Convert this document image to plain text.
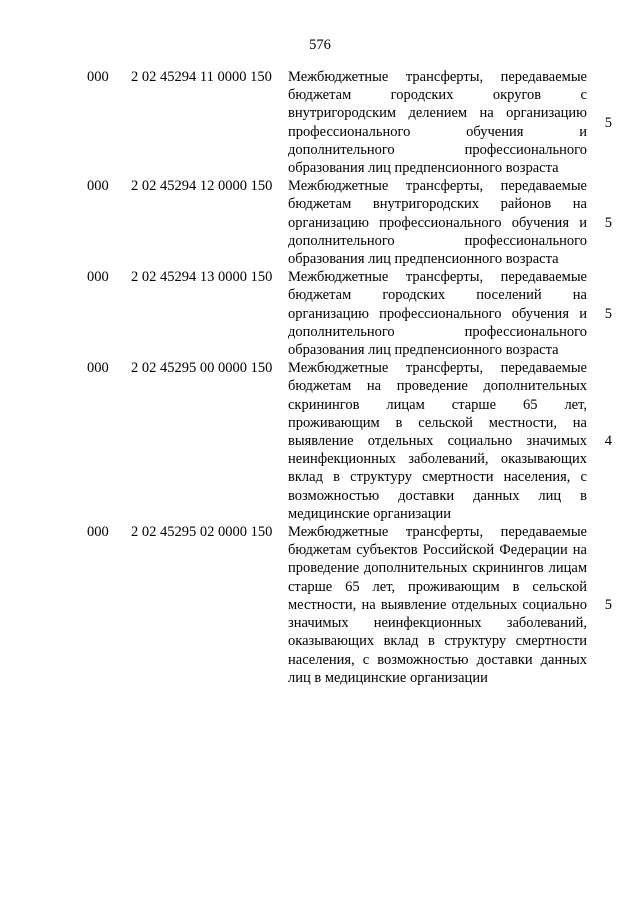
576
000 2 02 45294 11 0000 150 Межбюджетные трансферты, передаваемые бюджетам городских округов с внутригородским делением на организацию профессионального обучения и дополнительного профессионального образования лиц предпенсионного возраста
5
000 2 02 45294 12 0000 150 Межбюджетные трансферты, передаваемые бюджетам внутригородских районов на организацию профессионального обучения и дополнительного профессионального образования лиц предпенсионного возраста
5
000 2 02 45294 13 0000 150 Межбюджетные трансферты, передаваемые бюджетам городских поселений на организацию профессионального обучения и дополнительного профессионального образования лиц предпенсионного возраста
5
000 2 02 45295 00 0000 150 Межбюджетные трансферты, передаваемые бюджетам на проведение дополнительных скринингов лицам старше 65 лет, проживающим в сельской местности, на выявление отдельных социально значимых неинфекционных заболеваний, оказывающих вклад в структуру смертности населения, с возможностью доставки данных лиц в медицинские организации
4
000 2 02 45295 02 0000 150 Межбюджетные трансферты, передаваемые бюджетам субъектов Российской Федерации на проведение дополнительных скринингов лицам старше 65 лет, проживающим в сельской местности, на выявление отдельных социально значимых неинфекционных заболеваний, оказывающих вклад в структуру смертности населения, с возможностью доставки данных лиц в медицинские организации
5
